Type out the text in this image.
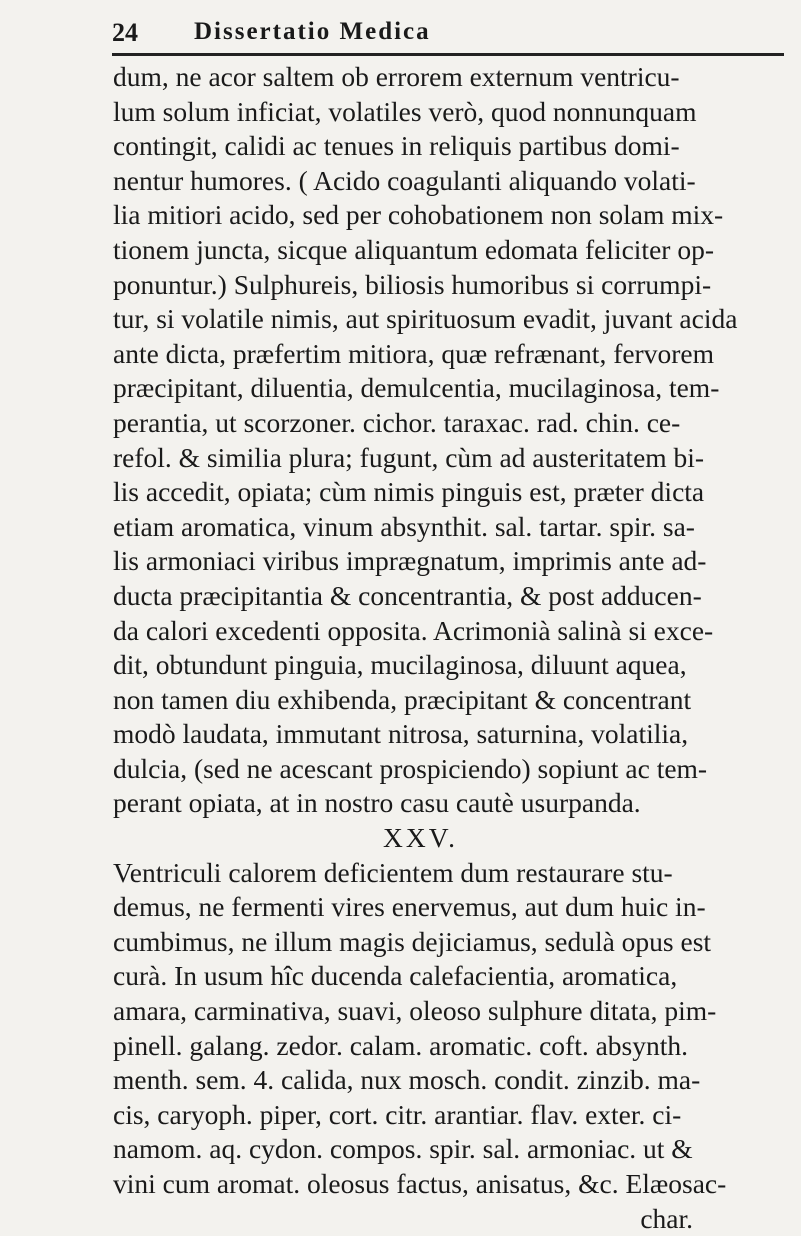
24 Dissertatio Medica
dum, ne acor saltem ob errorem externum ventricu-
lum solum inficiat, volatiles verò, quod nonnunquam
contingit, calidi ac tenues in reliquis partibus domi-
nentur humores. ( Acido coagulanti aliquando volati-
lia mitiori acido, sed per cohobationem non solam mix-
tionem juncta, sicque aliquantum edomata feliciter op-
ponuntur.) Sulphureis, biliosis humoribus si corrumpi-
tur, si volatile nimis, aut spirituosum evadit, juvant acida
ante dicta, præfertim mitiora, quæ refrænant, fervorem
præcipitant, diluentia, demulcentia, mucilaginosa, tem-
perantia, ut scorzoner. cichor. taraxac. rad. chin. ce-
refol. & similia plura; fugunt, cùm ad austeritatem bi-
lis accedit, opiata; cùm nimis pinguis est, præter dicta
etiam aromatica, vinum absynthit. sal. tartar. spir. sa-
lis armoniaci viribus imprægnatum, imprimis ante ad-
ducta præcipitantia & concentrantia, & post adducen-
da calori excedenti opposita. Acrimonià salinà si exce-
dit, obtundunt pinguia, mucilaginosa, diluunt aquea,
non tamen diu exhibenda, præcipitant & concentrant
modò laudata, immutant nitrosa, saturnina, volatilia,
dulcia, (sed ne acescant prospiciendo) sopiunt ac tem-
perant opiata, at in nostro casu cautè usurpanda.
XXV.
Ventriculi calorem deficientem dum restaurare stu-
demus, ne fermenti vires enervemus, aut dum huic in-
cumbimus, ne illum magis dejiciamus, sedulà opus est
curà. In usum hîc ducenda calefacientia, aromatica,
amara, carminativa, suavi, oleoso sulphure ditata, pim-
pinell. galang. zedor. calam. aromatic. coft. absynth.
menth. sem. 4. calida, nux mosch. condit. zinzib. ma-
cis, caryoph. piper, cort. citr. arantiar. flav. exter. ci-
namom. aq. cydon. compos. spir. sal. armoniac. ut &
vini cum aromat. oleosus factus, anisatus, &c. Elæosac-
char.
